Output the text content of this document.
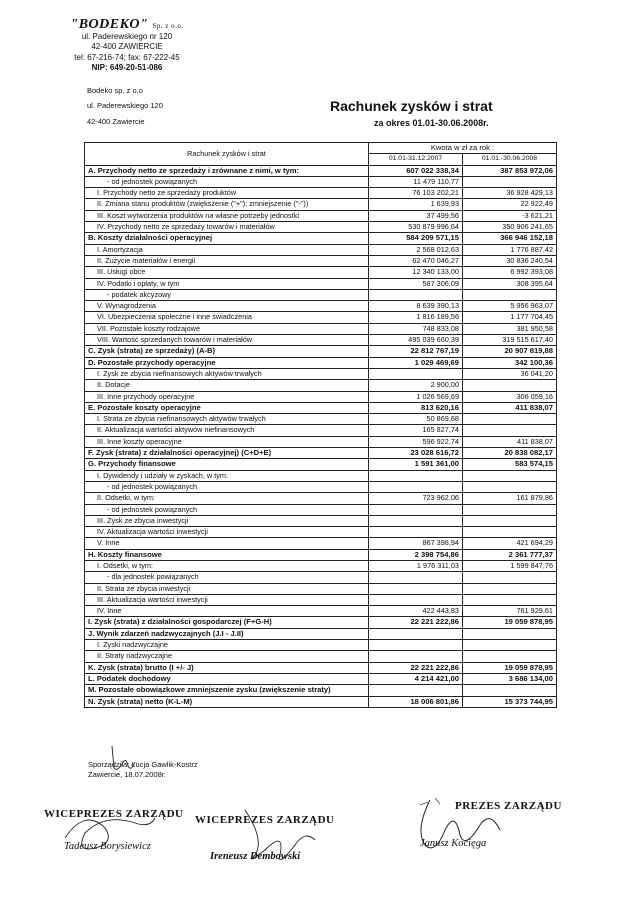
"BODEKO" Sp. z o.o.
ul. Paderewskiego nr 120
42-400 ZAWIERCIE
tel: 67-216-74; fax: 67-222-45
NIP: 649-20-51-086
Bodeko sp. z o.o
ul. Paderewskiego 120
42-400 Zawiercie
Rachunek zysków i strat
za okres 01.01-30.06.2008r.
Rachunek zysków i strat	Kwota w zł za rok :	
	01.01-31.12.2007	01.01.-30.06.2008
A. Przychody netto ze sprzedaży i zrównane z nimi, w tym:	607 022 338,34	387 853 972,06
- od jednostek powiązanych	11 479 110,77	
I. Przychody netto ze sprzedaży produktów	76 103 202,21	36 928 429,13
II. Zmiana stanu produktów (zwiększenie ("+"); zmniejszenie ("-"))	1 639,93	22 922,49
III. Koszt wytworzenia produktów na własne potrzeby jednostki	37 499,56	-3 621,21
IV. Przychody netto ze sprzedaży towarów i materiałów	530 879 996,64	350 906 241,65
B. Koszty działalności operacyjnej	584 209 571,15	366 946 152,18
I. Amortyzacja	2 568 012,63	1 776 887,42
II. Zużycie materiałów i energii	62 470 046,27	30 836 240,54
III. Usługi obce	12 340 133,00	6 992 393,08
IV. Podatki i opłaty, w tym	587 306,09	308 395,64
- podatek akcyzowy		
V. Wynagrodzenia	8 639 390,13	5 956 963,07
VI. Ubezpieczenia społeczne i inne świadczenia	1 816 189,56	1 177 704,45
VII. Pozostałe koszty rodzajowe	748 833,08	381 950,58
VIII. Wartość sprzedanych towarów i materiałów	495 039 660,39	319 515 617,40
C. Zysk (strata) ze sprzedaży) (A-B)	22 812 767,19	20 907 819,88
D. Pozostałe przychody operacyjne	1 029 469,69	342 100,36
I. Zysk ze zbycia niefinansowych aktywów trwałych		36 041,20
II. Dotacje	2 900,00	
III. Inne przychody operacyjne	1 026 569,69	306 059,16
E. Pozostałe koszty operacyjne	813 620,16	411 838,07
I. Strata ze zbycia niefinansowych aktywów trwałych	50 869,68	
II. Aktualizacja wartości aktywów niefinansowych	165 827,74	
III. Inne koszty operacyjne	596 922,74	411 838,07
F. Zysk (strata) z działalności operacyjnej) (C+D+E)	23 028 616,72	20 838 082,17
G. Przychody finansowe	1 591 361,00	583 574,15
I. Dywidendy i udziały w zyskach, w tym:		
- od jednostek powiązanych		
II. Odsetki, w tym:	723 962,06	161 879,86
- od jednostek powiązanych		
III. Zysk ze zbycia inwestycji		
IV. Aktualizacja wartości inwestycji		
V. Inne	867 398,94	421 694,29
H. Koszty finansowe	2 398 754,86	2 361 777,37
I. Odsetki, w tym:	1 976 311,03	1 599 847,76
- dla jednostek powiązanych		
II. Strata ze zbycia inwestycji		
III. Aktualizacja wartości inwestycji		
IV. Inne	422 443,83	761 929,61
I. Zysk (strata) z działalności gospodarczej (F+G-H)	22 221 222,86	19 059 878,95
J. Wynik zdarzeń nadzwyczajnych (J.I - J.II)		
I. Zyski nadzwyczajne		
II. Straty nadzwyczajne		
K. Zysk (strata) brutto (I +/- J)	22 221 222,86	19 059 878,95
L. Podatek dochodowy	4 214 421,00	3 686 134,00
M. Pozostałe obowiązkowe zmniejszenie zysku (zwiększenie straty)		
N. Zysk (strata) netto (K-L-M)	18 006 801,86	15 373 744,95
Sporządziła: Łucja Gawlik-Kostrz
Zawiercie, 18.07.2008r.
WICEPREZES ZARZĄDU
Tadeusz Borysiewicz
WICEPREZES ZARZĄDU
Ireneusz Dembowski
PREZES ZARZĄDU
Janusz Kocięga
